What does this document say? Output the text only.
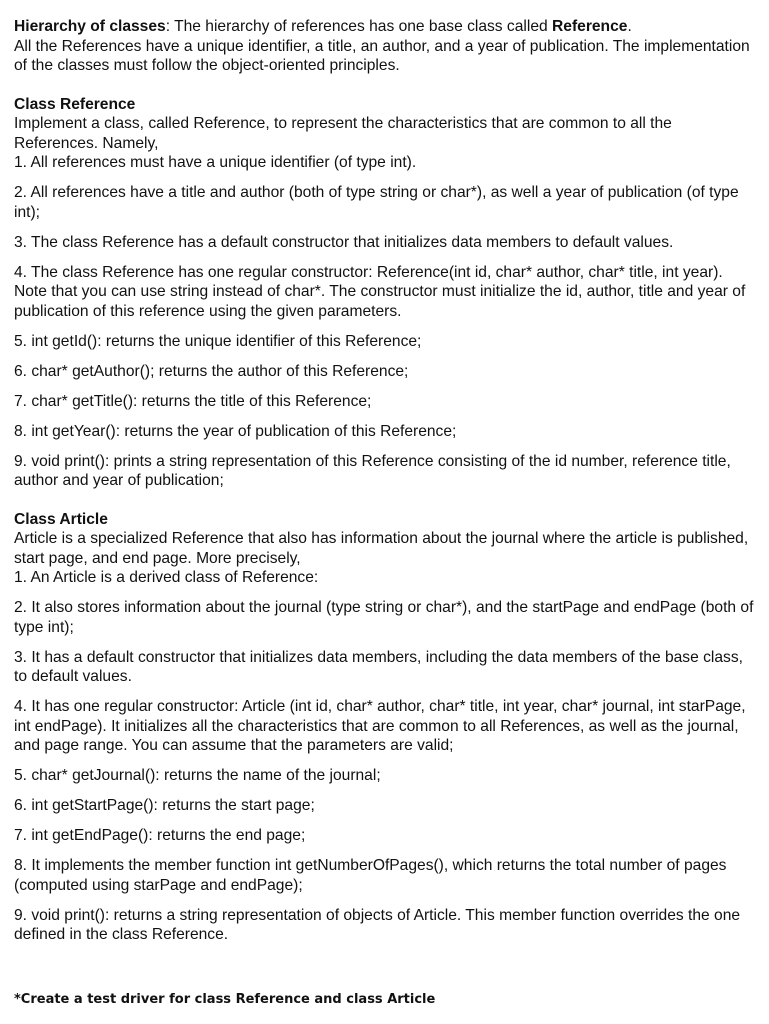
Hierarchy of classes: The hierarchy of references has one base class called Reference.

All the References have a unique identifier, a title, an author, and a year of publication. The implementation of the classes must follow the object-oriented principles.

Class Reference

Implement a class, called Reference, to represent the characteristics that are common to all the References. Namely,

1. All references must have a unique identifier (of type int).

2. All references have a title and author (both of type string or char*), as well a year of publication (of type int);

3. The class Reference has a default constructor that initializes data members to default values.

4. The class Reference has one regular constructor: Reference(int id, char* author, char* title, int year). Note that you can use string instead of char*. The constructor must initialize the id, author, title and year of publication of this reference using the given parameters.

5. int getId(): returns the unique identifier of this Reference;

6. char* getAuthor(); returns the author of this Reference;

7. char* getTitle(): returns the title of this Reference;

8. int getYear(): returns the year of publication of this Reference;

9. void print(): prints a string representation of this Reference consisting of the id number, reference title, author and year of publication;

Class Article

Article is a specialized Reference that also has information about the journal where the article is published, start page, and end page. More precisely,

1. An Article is a derived class of Reference:

2. It also stores information about the journal (type string or char*), and the startPage and endPage (both of type int);

3. It has a default constructor that initializes data members, including the data members of the base class, to default values.

4. It has one regular constructor: Article (int id, char* author, char* title, int year, char* journal, int starPage, int endPage). It initializes all the characteristics that are common to all References, as well as the journal, and page range. You can assume that the parameters are valid;

5. char* getJournal(): returns the name of the journal;

6. int getStartPage(): returns the start page;

7. int getEndPage(): returns the end page;

8. It implements the member function int getNumberOfPages(), which returns the total number of pages (computed using starPage and endPage);

9. void print(): returns a string representation of objects of Article. This member function overrides the one defined in the class Reference.

*Create a test driver for class Reference and class Article
